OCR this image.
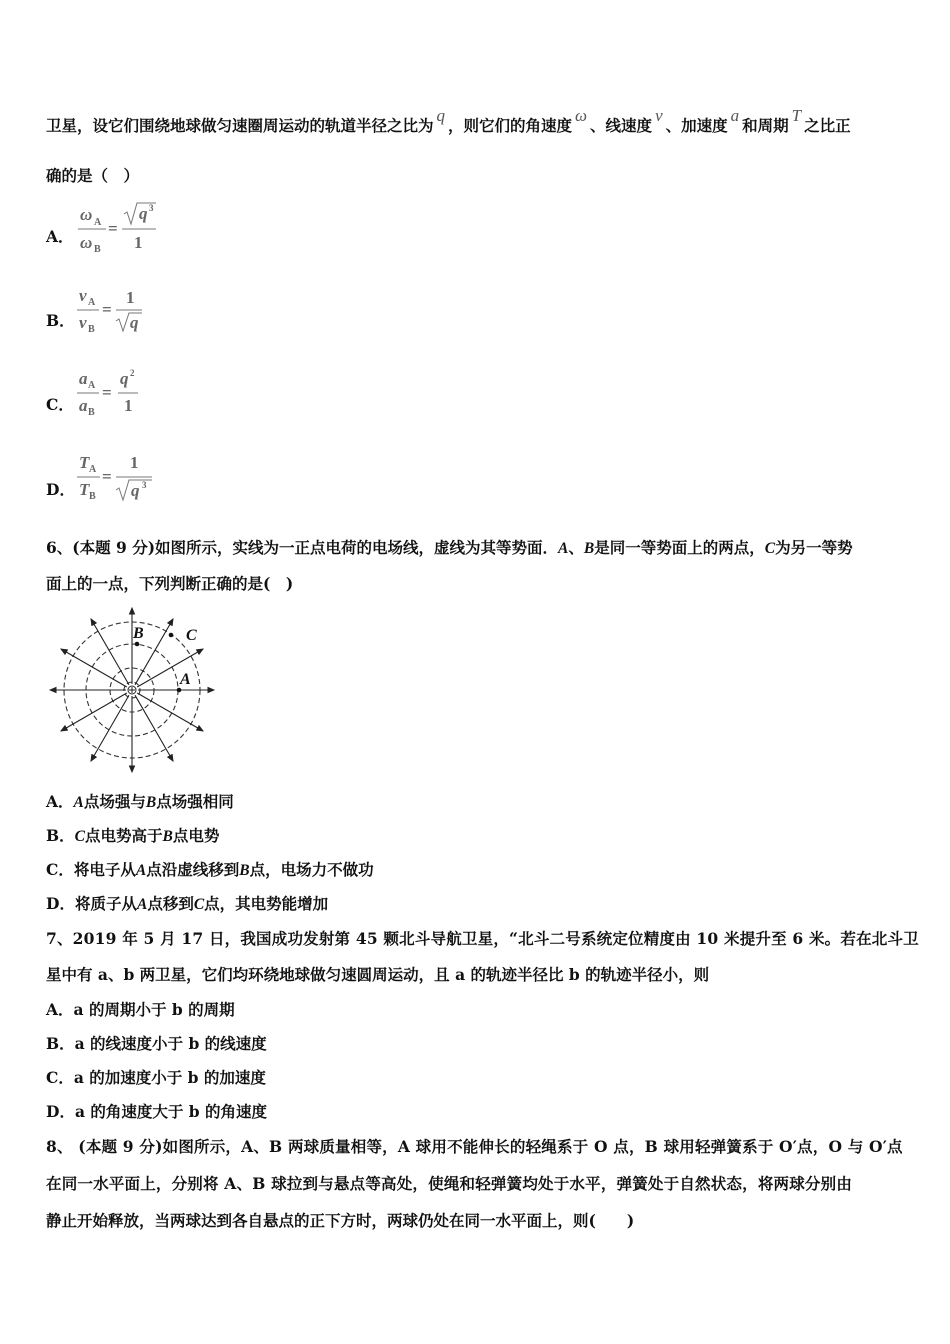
卫星，设它们围绕地球做匀速圈周运动的轨道半径之比为q，则它们的角速度ω、线速度v、加速度a和周期T之比正
确的是（　）
A．
ω A
ω B
=
q 3
1
B．
v A
v B
=
1
q
C．
a A
a B
=
q 2
1
D．
T A
T B
=
1
q 3
6、(本题 9 分)如图所示，实线为一正点电荷的电场线，虚线为其等势面．A、B是同一等势面上的两点，C为另一等势
面上的一点，下列判断正确的是(　)
B	C
A
A．A点场强与B点场强相同
B．C点电势高于B点电势
C．将电子从A点沿虚线移到B点，电场力不做功
D．将质子从A点移到C点，其电势能增加
7、2019 年 5 月 17 日，我国成功发射第 45 颗北斗导航卫星，“北斗二号系统定位精度由 10 米提升至 6 米。若在北斗卫
星中有 a、b 两卫星，它们均环绕地球做匀速圆周运动，且 a 的轨迹半径比 b 的轨迹半径小，则
A．a 的周期小于 b 的周期
B．a 的线速度小于 b 的线速度
C．a 的加速度小于 b 的加速度
D．a 的角速度大于 b 的角速度
8、 (本题 9 分)如图所示，A、B 两球质量相等，A 球用不能伸长的轻绳系于 O 点，B 球用轻弹簧系于 O′点，O 与 O′点
在同一水平面上，分别将 A、B 球拉到与悬点等高处，使绳和轻弹簧均处于水平，弹簧处于自然状态，将两球分别由
静止开始释放，当两球达到各自悬点的正下方时，两球仍处在同一水平面上，则(　　)
